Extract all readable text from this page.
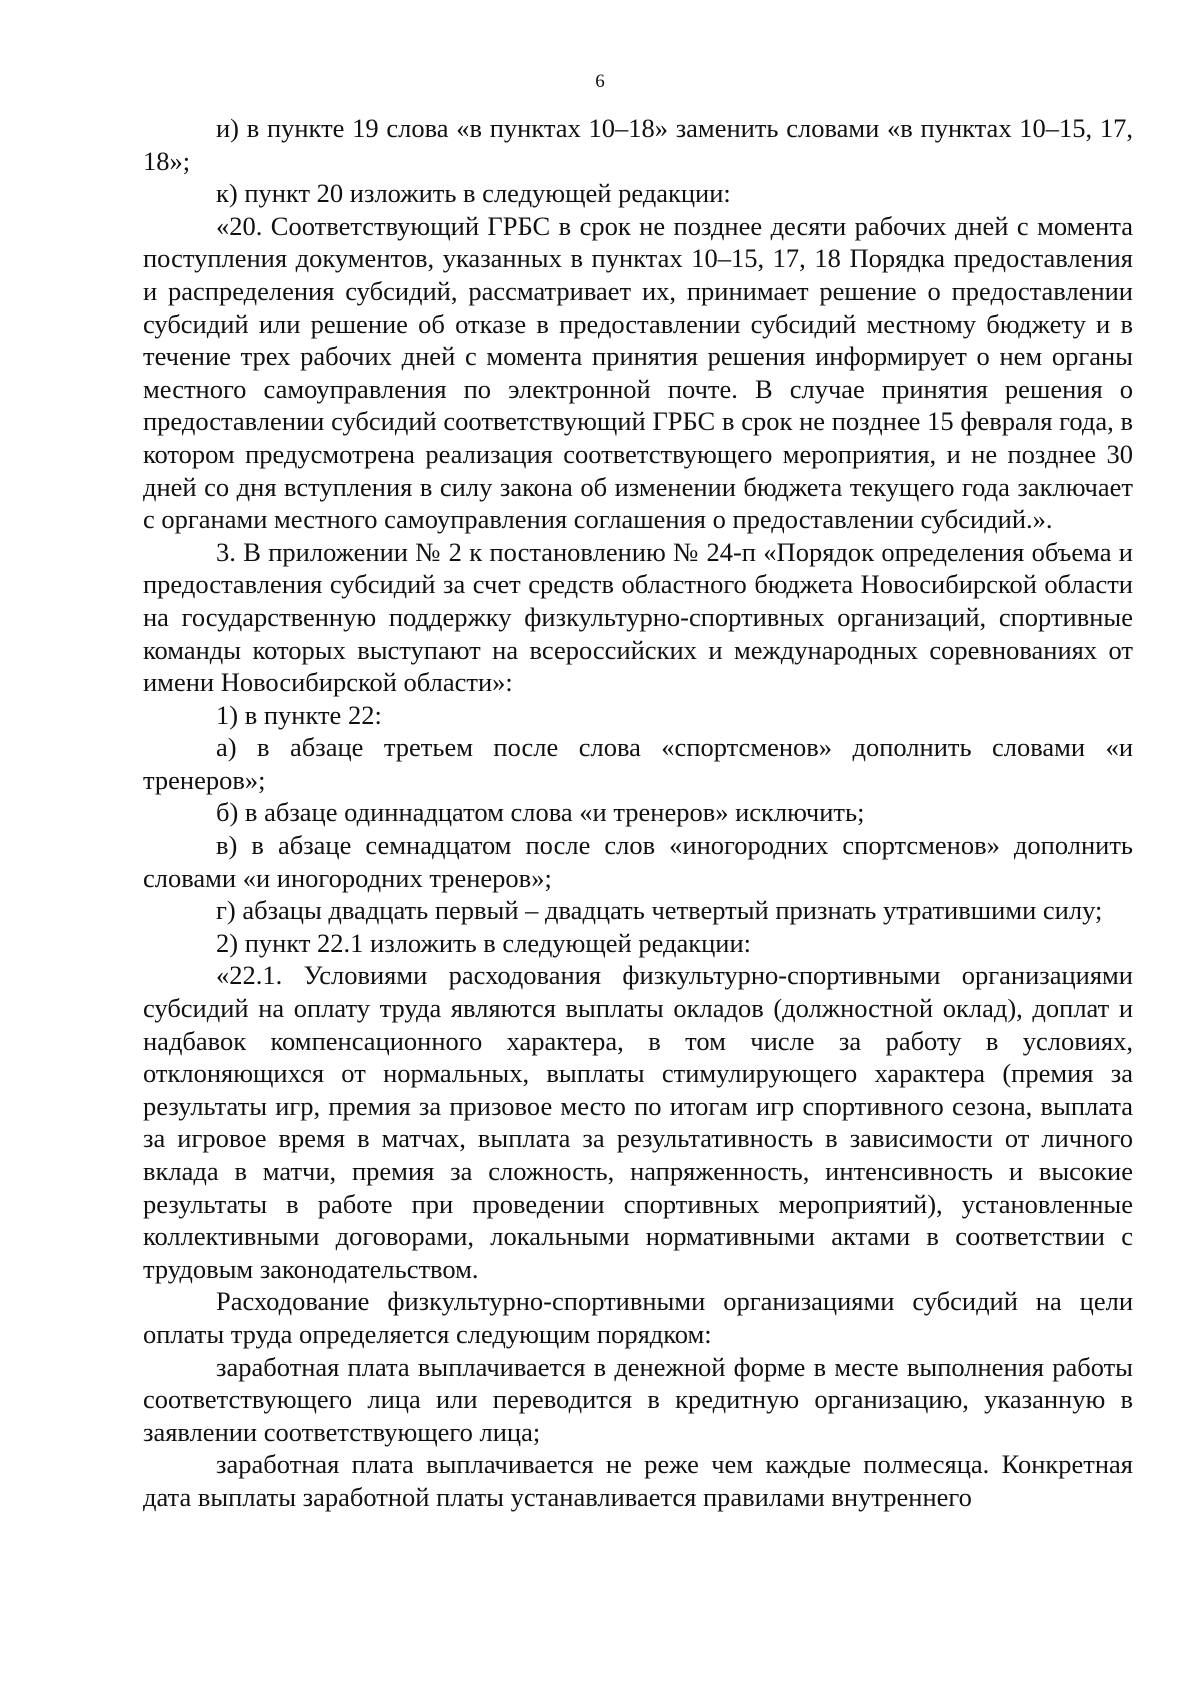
6

и) в пункте 19 слова «в пунктах 10–18» заменить словами «в пунктах 10–15, 17, 18»;

к) пункт 20 изложить в следующей редакции:

«20. Соответствующий ГРБС в срок не позднее десяти рабочих дней с момента поступления документов, указанных в пунктах 10–15, 17, 18 Порядка предоставления и распределения субсидий, рассматривает их, принимает решение о предоставлении субсидий или решение об отказе в предоставлении субсидий местному бюджету и в течение трех рабочих дней с момента принятия решения информирует о нем органы местного самоуправления по электронной почте. В случае принятия решения о предоставлении субсидий соответствующий ГРБС в срок не позднее 15 февраля года, в котором предусмотрена реализация соответствующего мероприятия, и не позднее 30 дней со дня вступления в силу закона об изменении бюджета текущего года заключает с органами местного самоуправления соглашения о предоставлении субсидий.».

3. В приложении № 2 к постановлению № 24-п «Порядок определения объема и предоставления субсидий за счет средств областного бюджета Новосибирской области на государственную поддержку физкультурно-спортивных организаций, спортивные команды которых выступают на всероссийских и международных соревнованиях от имени Новосибирской области»:

1) в пункте 22:

а) в абзаце третьем после слова «спортсменов» дополнить словами «и тренеров»;

б) в абзаце одиннадцатом слова «и тренеров» исключить;

в) в абзаце семнадцатом после слов «иногородних спортсменов» дополнить словами «и иногородних тренеров»;

г) абзацы двадцать первый – двадцать четвертый признать утратившими силу;

2) пункт 22.1 изложить в следующей редакции:

«22.1. Условиями расходования физкультурно-спортивными организациями субсидий на оплату труда являются выплаты окладов (должностной оклад), доплат и надбавок компенсационного характера, в том числе за работу в условиях, отклоняющихся от нормальных, выплаты стимулирующего характера (премия за результаты игр, премия за призовое место по итогам игр спортивного сезона, выплата за игровое время в матчах, выплата за результативность в зависимости от личного вклада в матчи, премия за сложность, напряженность, интенсивность и высокие результаты в работе при проведении спортивных мероприятий), установленные коллективными договорами, локальными нормативными актами в соответствии с трудовым законодательством.

Расходование физкультурно-спортивными организациями субсидий на цели оплаты труда определяется следующим порядком:

заработная плата выплачивается в денежной форме в месте выполнения работы соответствующего лица или переводится в кредитную организацию, указанную в заявлении соответствующего лица;

заработная плата выплачивается не реже чем каждые полмесяца. Конкретная дата выплаты заработной платы устанавливается правилами внутреннего
